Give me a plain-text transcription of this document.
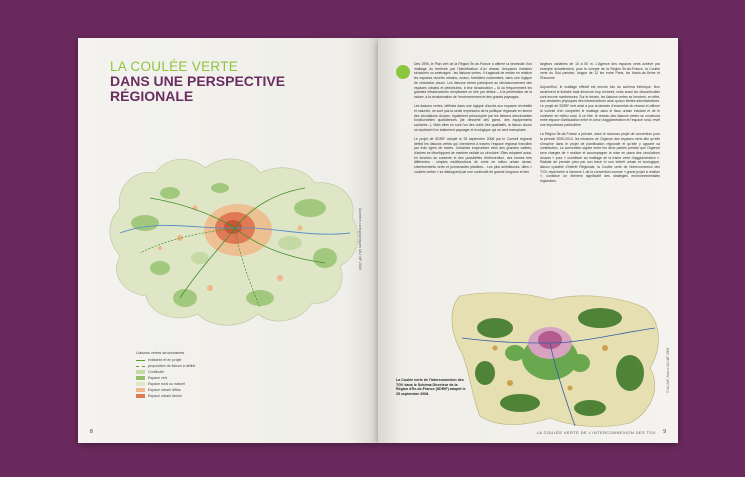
LA COULÉE VERTE
DANS UNE PERSPECTIVE
RÉGIONALE
Données cartographiques IAU îdF 2008
Liaisons vertes structurantes
existante et en projet
proposition de liaison à définir
Continuité
Espace vert
Espace rural ou naturel
Espace urbain diffus
Espace urbain dense
8

Dès 1995, le Plan vert de la Région Île-de-France a affirmé la nécessité d'un maillage du territoire par l'identification d'un réseau d'espaces linéaires structurés ou aménagés : les liaisons vertes. Il s'agissait de mettre en relation les espaces ouverts urbains, ruraux, forestiers notamment, dans une logique de circulation douce. Les liaisons vertes participent au décloisonnement des espaces urbains et périurbains, à leur structuration – là où fréquemment les grandes infrastructures remplissent ce rôle par défaut – à la pénétration de la nature, à la revalorisation de l'environnement et des grands paysages.

Les liaisons vertes, définies dans une logique d'accès aux espaces récréatifs et naturels, ne sont pas la seule expression de la politique régionale en faveur des circulations douces, également préoccupée par les liaisons structurantes fonctionnelles quotidiennes (de desserte des gares, des équipements scolaires...). Mais elles en sont l'un des outils très qualitatifs, la liaison douce se doublant d'un traitement paysager et écologique qui se veut exemplaire.

Le projet de SDRIF adopté le 25 septembre 2008 par le Conseil régional définit les liaisons vertes qui cheminent à travers l'espace régional francilien par trois types de tracés. Certaines empruntent celui des grandes vallées, d'autres se développent de manière radiale ou circulaire. Elles adoptent aussi, en fonction du contexte et des possibilités d'intervention, des formes très différentes : simples multifonctions de voirie en milieu urbain dense, cheminements verts et promenades plantées... Les plus ambitieuses, dites « coulées vertes » se distinguent par une continuité de grande longueur et des

largeurs variables de 10 à 50 m. L'Agence des espaces verts achève par exemple actuellement, pour le compte de la Région Île-de-France, la Coulée verte du Sud parisien, longue de 12 km entre Paris, les Hauts-de-Seine et l'Essonne.

Aujourd'hui, le maillage effectif est encore loin du schéma théorique. Non seulement le linéaire total demeure trop restreint, mais aussi les discontinuités sont encore nombreuses. Sur le terrain, les liaisons vertes se heurtent, en effet, aux obstacles physiques des infrastructures ainsi qu'aux limites administratives. Le projet de SDRIF met ainsi à jour la dessein d'ensemble du réseau et affirme la volonté d'en compléter le maillage dans le tissu urbain existant et de le conforter en milieu rural. À ce titre, le réseau des liaisons vertes se construira entre espace d'articulation entre le cœur d'agglomération et l'espace rural, revêt une importance particulière.

La Région Île-de-France a précisé, dans le nouveau projet de convention pour la période 2009-2013, les missions de l'Agence des espaces verts afin qu'elle s'inscrive dans le projet de planification régionale et qu'elle y apporte sa contribution. La convention signée entre les deux parties précise que l'Agence sera chargée de « réaliser et accompagner la mise en place des circulations douces » pour « contribuer au maillage de la trame verte d'agglomération ». Radiale de premier plan par son tracé et son intérêt urbain et écologique, liaison cyclable d'intérêt Régionale, la Coulée verte de l'interconnexion des TGV, répertoriée à l'annexe 1 de la convention comme « grand projet à réaliser », constitue un élément significatif des stratégies environnementales régionales.

La Coulée verte de l'interconnexion des TGV dans le Schéma Directeur de la Région d'Île-de-France (SDRIF) adopté le 25 septembre 2008.
© IAU îdF, Source IAU îdF 2008
LA COULÉE VERTE DE L'INTERCONNEXION DES TGV 9
